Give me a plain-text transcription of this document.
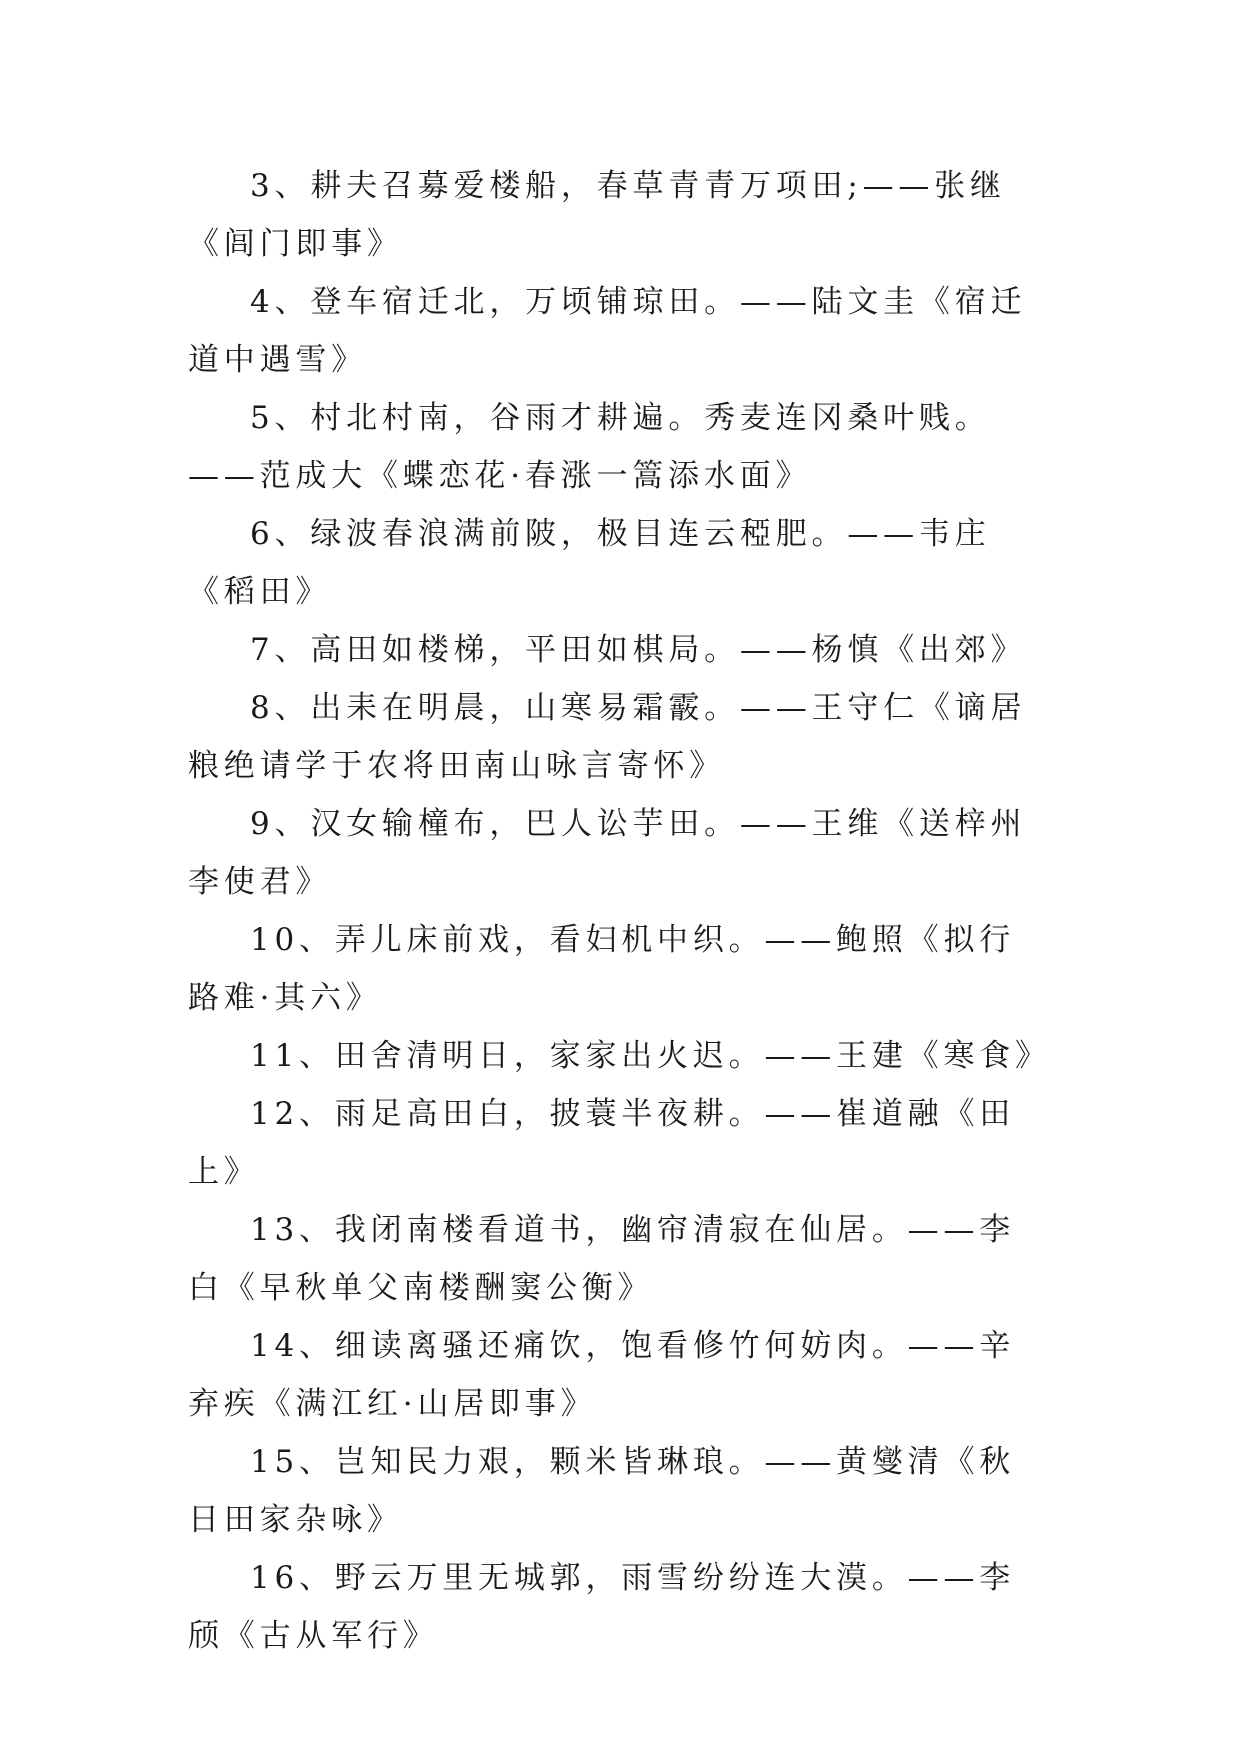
3、耕夫召募爱楼船，春草青青万项田;——张继《闾门即事》

4、登车宿迁北，万顷铺琼田。——陆文圭《宿迁道中遇雪》

5、村北村南，谷雨才耕遍。秀麦连冈桑叶贱。——范成大《蝶恋花·春涨一篙添水面》

6、绿波春浪满前陂，极目连云稏肥。——韦庄《稻田》

7、高田如楼梯，平田如棋局。——杨慎《出郊》

8、出耒在明晨，山寒易霜霰。——王守仁《谪居粮绝请学于农将田南山咏言寄怀》

9、汉女输橦布，巴人讼芋田。——王维《送梓州李使君》

10、弄儿床前戏，看妇机中织。——鲍照《拟行路难·其六》

11、田舍清明日，家家出火迟。——王建《寒食》

12、雨足高田白，披蓑半夜耕。——崔道融《田上》

13、我闭南楼看道书，幽帘清寂在仙居。——李白《早秋单父南楼酬窦公衡》

14、细读离骚还痛饮，饱看修竹何妨肉。——辛弃疾《满江红·山居即事》

15、岂知民力艰，颗米皆琳琅。——黄燮清《秋日田家杂咏》

16、野云万里无城郭，雨雪纷纷连大漠。——李颀《古从军行》
